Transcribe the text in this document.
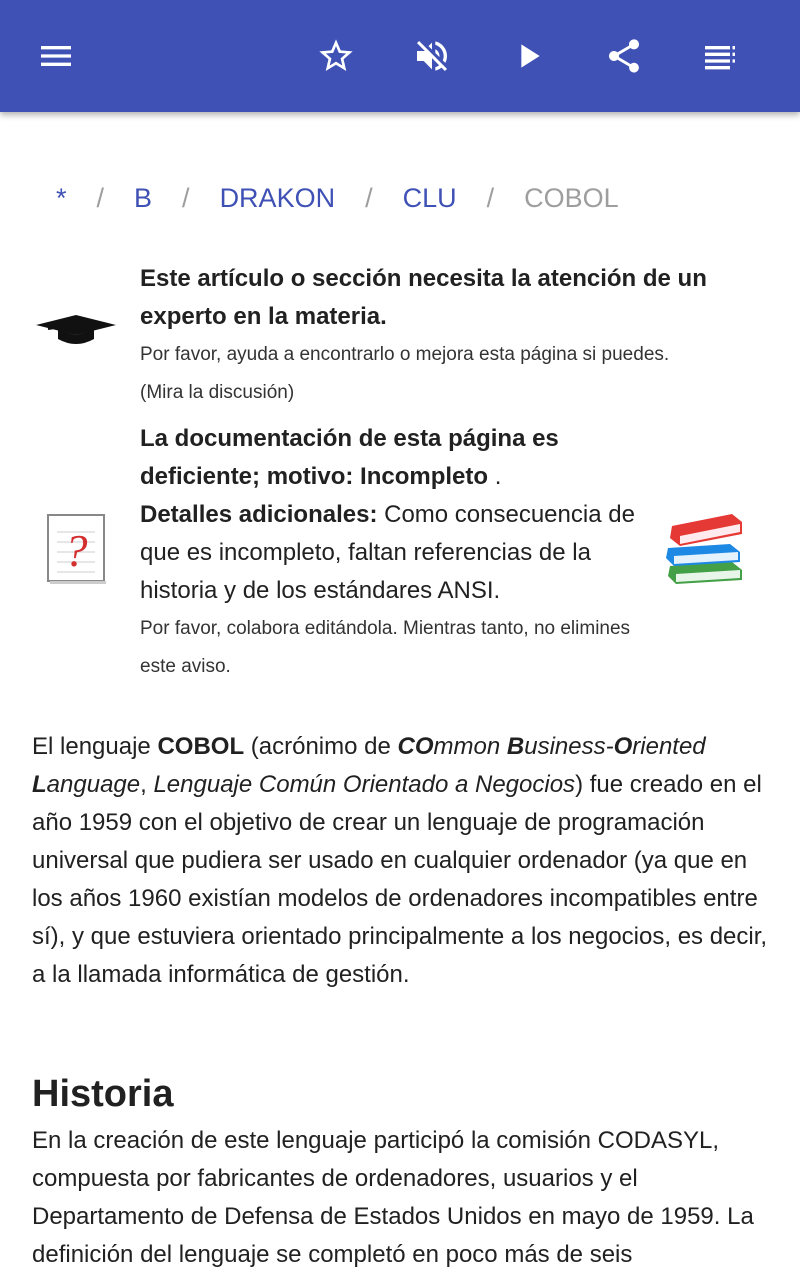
* / B / DRAKON / CLU / COBOL
Este artículo o sección necesita la atención de un experto en la materia.
Por favor, ayuda a encontrarlo o mejora esta página si puedes.
(Mira la discusión)
?
La documentación de esta página es deficiente; motivo: Incompleto .
Detalles adicionales: Como consecuencia de que es incompleto, faltan referencias de la historia y de los estándares ANSI.
Por favor, colabora editándola. Mientras tanto, no elimines este aviso.
El lenguaje COBOL (acrónimo de COmmon Business-Oriented Language, Lenguaje Común Orientado a Negocios) fue creado en el año 1959 con el objetivo de crear un lenguaje de programación universal que pudiera ser usado en cualquier ordenador (ya que en los años 1960 existían modelos de ordenadores incompatibles entre sí), y que estuviera orientado principalmente a los negocios, es decir, a la llamada informática de gestión.
Historia
En la creación de este lenguaje participó la comisión CODASYL, compuesta por fabricantes de ordenadores, usuarios y el Departamento de Defensa de Estados Unidos en mayo de 1959. La definición del lenguaje se completó en poco más de seis
